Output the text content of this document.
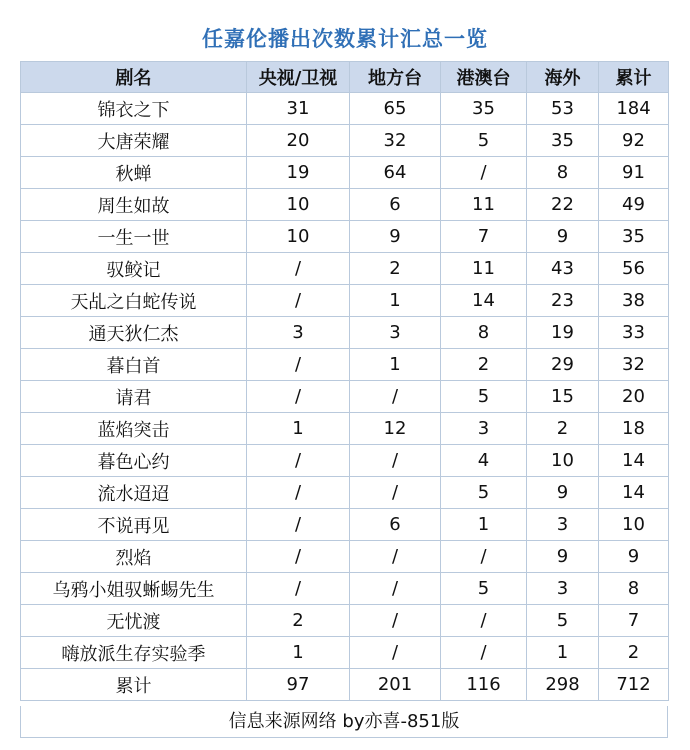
任嘉伦播出次数累计汇总一览
剧名	央视/卫视	地方台	港澳台	海外	累计
锦衣之下	31	65	35	53	184
大唐荣耀	20	32	5	35	92
秋蝉	19	64	/	8	91
周生如故	10	6	11	22	49
一生一世	10	9	7	9	35
驭鲛记	/	2	11	43	56
天乩之白蛇传说	/	1	14	23	38
通天狄仁杰	3	3	8	19	33
暮白首	/	1	2	29	32
请君	/	/	5	15	20
蓝焰突击	1	12	3	2	18
暮色心约	/	/	4	10	14
流水迢迢	/	/	5	9	14
不说再见	/	6	1	3	10
烈焰	/	/	/	9	9
乌鸦小姐驭蜥蜴先生	/	/	5	3	8
无忧渡	2	/	/	5	7
嗨放派生存实验季	1	/	/	1	2
累计	97	201	116	298	712
信息来源网络 by亦喜-851版
